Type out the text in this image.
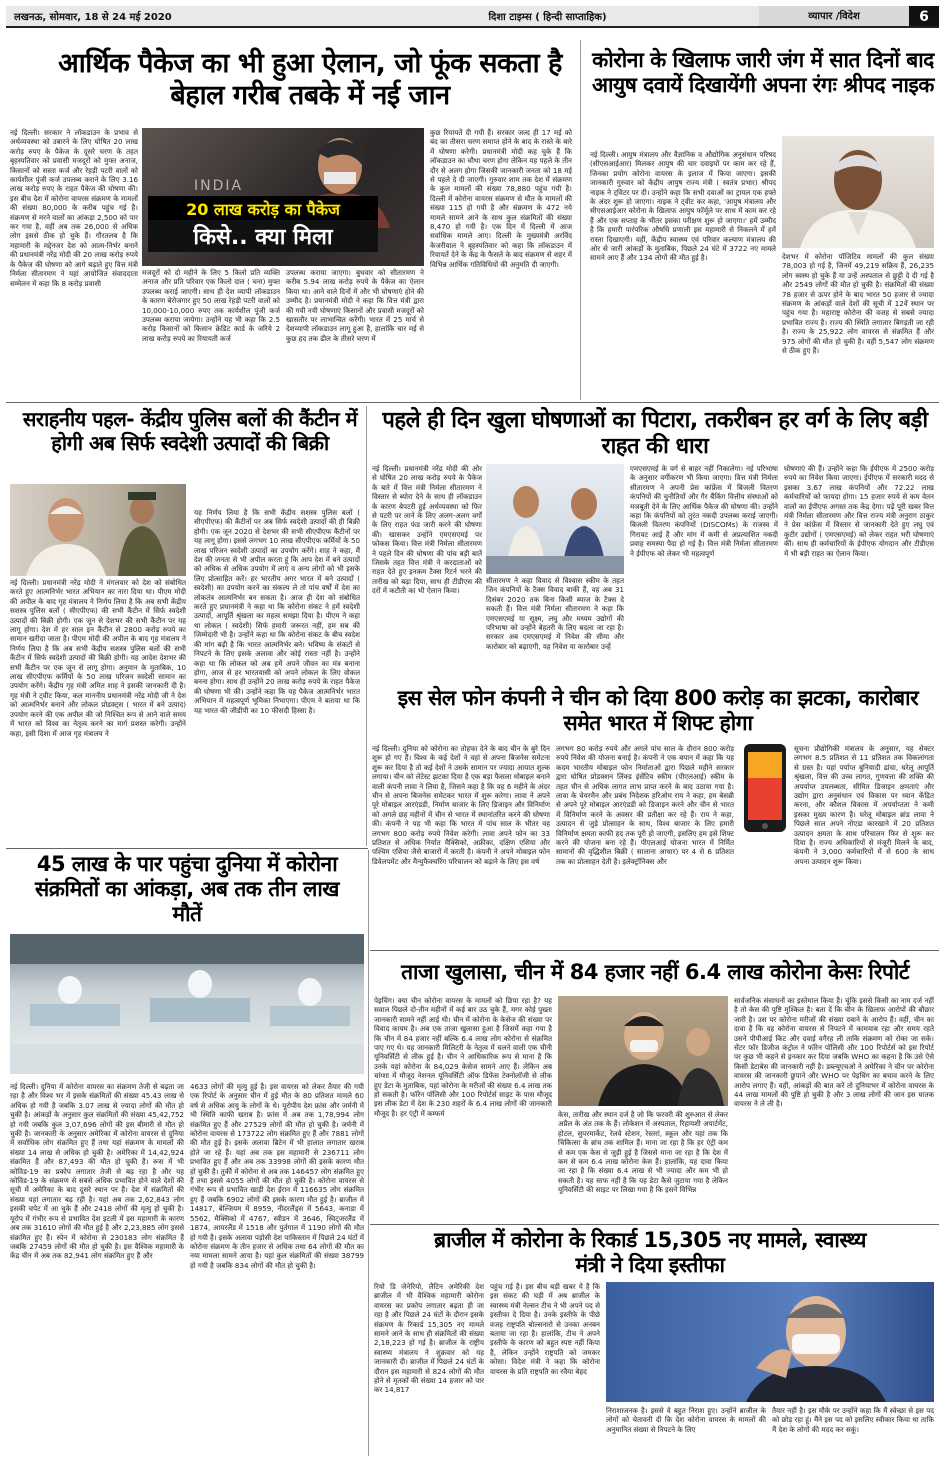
लखनऊ, सोमवार, 18 से 24 मई 2020	दिशा टाइम्स ( हिन्दी साप्ताहिक)	व्यापार /विदेश	6
आर्थिक पैकेज का भी हुआ ऐलान, जो फूंक सकता है बेहाल गरीब तबके में नई जान
INDIA
20 लाख करोड़ का पैकेज
किसे.. क्या मिला
नई दिल्ली। सरकार ने लॉकडाउन के प्रभाव से अर्थव्यवस्था को उबारने के लिए घोषित 20 लाख करोड़ रुपए के पैकेज के दूसरे चरण के तहत बृहस्पतिवार को प्रवासी मजदूरों को मुफ्त अनाज, किसानों को सस्ता कर्ज और रेहड़ी पटरी वालों को कार्यशील पूंजी कर्ज उपलब्ध कराने के लिए 3.16 लाख करोड़ रुपए के राहत पैकेज की घोषणा की। इस बीच देश में कोरोना वायरस संक्रमण के मामलों की संख्या 80,000 के करीब पहुंच गई है। संक्रमण से मरने वालों का आंकड़ा 2,500 को पार कर गया है, वहीं अब तक 26,000 से अधिक लोग इससे ठीक हो चुके हैं। गौरतलब है कि महामारी के मद्देनजर देश को आत्म-निर्भर बनाने की प्रधानमंत्री नरेंद्र मोदी की 20 लाख करोड़ रुपये के पैकेज की घोषणा को आगे बढ़ाते हुए वित्त मंत्री निर्मला सीतारमण ने यहां आयोजित संवाददाता सम्मेलन में कहा कि 8 करोड़ प्रवासी
मजदूरों को दो महीने के लिए 5 किलो प्रति व्यक्ति अनाज और प्रति परिवार एक किलो दाल ( चना) मुफ्त उपलब्ध कराई जाएगी। साथ ही देश व्यापी लॉकडाउन के कारण बेरोजगार हुए 50 लाख रेहड़ी पटरी वालों को 10,000-10,000 रुपए तक कार्यशील पूंजी कर्ज उपलब्ध कराया जायेगा। उन्होंने यह भी कहा कि 2.5 करोड़ किसानों को किसान क्रेडिट कार्ड के जरिये 2 लाख करोड़ रुपये का रियायती कर्ज
उपलब्ध कराया जाएगा। बुधवार को सीतारमण ने करीब 5.94 लाख करोड़ रुपये के पैकेज का ऐलान किया था। आने वाले दिनों में और भी घोषणाएं होने की उम्मीद है। प्रधानमंत्री मोदी ने कहा कि वित्त मंत्री द्वारा की गयी नयी घोषणाएं किसानों और प्रवासी मजदूरों को खासतौर पर लाभान्वित करेंगी। भारत में 25 मार्च से देशव्यापी लॉकडाउन लागू हुआ है, हालांकि चार मई से कुछ हद तक ढील के तीसरे चरण में
कुछ रियायतें दी गयी हैं। सरकार जल्द ही 17 मई को बंद का तीसरा चरण समाप्त होने के बाद के रास्ते के बारे में घोषणा करेगी। प्रधानमंत्री मोदी कह चुके हैं कि लॉकडाउन का चौथा चरण होगा लेकिन यह पहले के तीन दौर से अलग होगा जिसकी जानकारी जनता को 18 मई से पहले दे दी जाएगी। गुरुवार शाम तक देश में संक्रमण के कुल मामलों की संख्या 78,880 पहुंच गयी है। दिल्ली में कोरोना वायरस संक्रमण से मौत के मामलों की संख्या 115 हो गयी है और संक्रमण के 472 नये मामले सामने आने के साथ कुल संक्रमितों की संख्या 8,470 हो गयी है। एक दिन में दिल्ली में आज सर्वाधिक मामले आए। दिल्ली के मुख्यमंत्री अरविंद केजरीवाल ने बृहस्पतिवार को कहा कि लॉकडाउन में रियायतें देने के केंद्र के फैसले के बाद संक्रमण से शहर में विभिन्न आर्थिक गतिविधियों की अनुमति दी जाएगी।
कोरोना के खिलाफ जारी जंग में सात दिनों बाद आयुष दवायें दिखायेंगी अपना रंगः श्रीपद नाइक
नई दिल्ली। आयुष मंत्रालय और वैज्ञानिक व औद्योगिक अनुसंधान परिषद (सीएसआईआर) मिलकर आयुष की चार दवाइयों पर काम कर रहे हैं, जिनका प्रयोग कोरोना वायरस के इलाज में किया जाएगा। इसकी जानकारी गुरुवार को केंद्रीय आयुष राज्य मंत्री ( स्वतंत्र प्रभार) श्रीपद नाइक ने ट्विटर पर दी। उन्होंने कहा कि सभी दवाओं का ट्रायल एक हफ्ते के अंदर शुरू हो जाएगा। नाइक ने ट्वीट कर कहा, 'आयुष मंत्रालय और सीएसआईआर कोरोना के खिलाफ आयुष फॉर्मूले पर साथ में काम कर रहे हैं और एक सप्ताह के भीतर इसका परीक्षण शुरू हो जाएगा।' हमें उम्मीद है कि हमारी पारंपरिक औषधि प्रणाली इस महामारी से निकलने में हमें रास्ता दिखाएगी। वहीं, केंद्रीय स्वास्थ्य एवं परिवार कल्याण मंत्रालय की ओर से जारी आंकड़ों के मुताबिक, पिछले 24 घंटे में 3722 नए मामले सामने आए हैं और 134 लोगों की मौत हुई है।	देशभर में कोरोना पॉजिटिव मामलों की कुल संख्या 78,003 हो गई है, जिनमें 49,219 सक्रिय हैं, 26,235 लोग स्वस्थ हो चुके हैं या उन्हें अस्पताल से छुट्टी दे दी गई है और 2549 लोगों की मौत हो चुकी है। संक्रमितों की संख्या 78 हजार से ऊपर होने के बाद भारत 50 हजार से ज्यादा संक्रमण के आंकड़ों वाले देशों की सूची में 12वें स्थान पर पहुंच गया है। महाराष्ट्र कोरोना की वजह से सबसे ज्यादा प्रभावित राज्य है। राज्य की स्थिति लगातार बिगड़ती जा रही है। राज्य के 25,922 लोग वायरस से संक्रमित हैं और 975 लोगों की मौत हो चुकी है। वहीं 5,547 लोग संक्रमण से ठीक हुए हैं।
सराहनीय पहल- केंद्रीय पुलिस बलों की कैंटीन में होगी अब सिर्फ स्वदेशी उत्पादों की बिक्री
नई दिल्ली। प्रधानमंत्री नरेंद्र मोदी ने मंगलवार को देश को संबोधित करते हुए आत्मनिर्भर भारत अभियान का नारा दिया था। पीएम मोदी की अपील के बाद गृह मंत्रालय ने निर्णय लिया है कि अब सभी केंद्रीय सशस्त्र पुलिस बलों ( सीएपीएफ) की सभी कैंटीन में सिर्फ स्वदेशी उत्पादों की बिक्री होगी। एक जून से देशभर की सभी कैंटीन पर यह लागू होगा। देश में हर साल इन कैंटीन से 2800 करोड़ रुपये का सामान खरीदा जाता है। पीएम मोदी की अपील के बाद गृह मंत्रालय ने निर्णय लिया है कि अब सभी केंद्रीय सशस्त्र पुलिस बलों की सभी कैंटीन में सिर्फ स्वदेशी उत्पादों की बिक्री होगी। यह आदेश देशभर की सभी कैंटीन पर एक जून से लागू होगा। अनुमान के मुताबिक, 10 लाख सीएपीएफ कर्मियों के 50 लाख परिजन स्वदेशी सामान का उपयोग करेंगे। केंद्रीय गृह मंत्री अमित शाह ने इसकी जानकारी दी है। गृह मंत्री ने ट्वीट किया, कल माननीय प्रधानमंत्री नरेंद्र मोदी जी ने देश को आत्मनिर्भर बनाने और लोकल प्रोडक्ट्स ( भारत में बने उत्पाद) उपयोग करने की एक अपील की जो निश्चित रूप से आने वाले समय में भारत को विश्व का नेतृत्व करने का मार्ग प्रशस्त करेगी। उन्होंने कहा, इसी दिशा में आज गृह मंत्रालय ने
यह निर्णय लिया है कि सभी केंद्रीय सशस्त्र पुलिस बलों ( सीएपीएफ) की कैंटीनों पर अब सिर्फ स्वदेशी उत्पादों की ही बिक्री होगी। एक जून 2020 से देशभर की सभी सीएपीएफ कैंटीनों पर यह लागू होगा। इससे लगभग 10 लाख सीएपीएफ कर्मियों के 50 लाख परिजन स्वदेशी उत्पादों का उपयोग करेंगे। शाह ने कहा, मैं देश की जनता से भी अपील करता हूं कि आप देश में बने उत्पादों को अधिक से अधिक उपयोग में लाएं व अन्य लोगों को भी इसके लिए प्रोत्साहित करें। हर भारतीय अगर भारत में बने उत्पादों ( स्वदेशी) का उपयोग करने का संकल्प ले तो पांच वर्षों में देश का लोकतंत्र आत्मनिर्भर बन सकता है। आज ही देश को संबोधित करते हुए प्रधानमंत्री ने कहा था कि कोरोना संकट ने हमें स्वदेशी उत्पादों, आपूर्ति श्रृंखला का महत्व समझा दिया है। पीएम ने कहा था लोकल ( स्वदेशी) सिर्फ हमारी जरूरत नहीं, हम सब की जिम्मेदारी भी है। उन्होंने कहा था कि कोरोना संकट के बीच स्वदेश की मांग बढ़ी है कि भारत आत्मनिर्भर बने। भविष्य के संकटों से निपटने के लिए इसके अलावा और कोई रास्ता नहीं है। उन्होंने कहा था कि लोकल को अब हमें अपने जीवन का मंत्र बनाना होगा, आज से हर भारतवासी को अपने लोकल के लिए वोकल बनना होगा। साथ ही उन्होंने 20 लाख करोड़ रुपये के राहत पैकेज की घोषणा भी की। उन्होंने कहा कि यह पैकेज आत्मनिर्भर भारत अभियान में महत्वपूर्ण भूमिका निभाएगा। पीएम ने बताया था कि यह भारत की जीडीपी का 10 फीसदी हिस्सा है।
पहले ही दिन खुला घोषणाओं का पिटारा, तकरीबन हर वर्ग के लिए बड़ी राहत की धारा
नई दिल्ली। प्रधानमंत्री नरेंद्र मोदी की ओर से घोषित 20 लाख करोड़ रुपये के पैकेज के बारे में वित्त मंत्री निर्मला सीतारमण ने विस्तार से ब्योरा देने के साथ ही लॉकडाउन के कारण बेपटरी हुई अर्थव्यवस्था को फिर से पटरी पर लाने के लिए अलग-अलग वर्गों के लिए राहत फंड जारी करने की घोषणा की। खासकर उन्होंने एमएसएमई पर फोकस किया। वित्त मंत्री निर्मला सीतारमण ने पहले दिन की घोषणा की पांच बड़ी बातें जिसके तहत वित्त मंत्री ने करदाताओं को राहत देते हुए इनकम टैक्स रिटर्न भरने की तारीख को बढ़ा दिया, साथ ही टीडीएस की दरों में कटौती का भी ऐलान किया।
सीतारमण ने कहा विवाद से विश्वास स्कीम के तहत जिन कंपनियों के टैक्स विवाद बाकी हैं, वह अब 31 दिसंबर 2020 तक बिना किसी ब्याज के टैक्स दे सकती हैं। वित्त मंत्री निर्मला सीतारमण ने कहा कि एमएसएमई या सूक्ष्म, लघु और मध्यम उद्योगों की परिभाषा को उन्होंने बेहतरी के लिए बदला जा रहा है। सरकार अब एमएसएमई में निवेश की सीमा और कारोबार को बढ़ाएगी, यह निवेश या कारोबार उन्हें
एमएसएमई के वर्ग से बाहर नहीं निकालेगा। नई परिभाषा के अनुसार वर्गीकरण भी किया जाएगा। वित्त मंत्री निर्मला सीतारमण ने अपनी प्रेस कांफ्रेंस में बिजली वितरण कंपनियों की चुनौतियों और गैर बैंकिंग वित्तीय संस्थाओं को मजबूती देने के लिए आर्थिक पैकेज की घोषणा की। उन्होंने कहा कि कंपनियों को तुरंत नकदी उपलब्ध कराई जाएगी। बिजली वितरण कंपनियों (DISCOMs) के राजस्व में गिरावट आई है और मांग में कमी से अप्रत्याशित नकदी प्रवाह समस्या पैदा हो गई है। वित्त मंत्री निर्मला सीतारमण ने ईपीएफ को लेकर भी महत्वपूर्ण
घोषणाएं की हैं। उन्होंने कहा कि ईपीएफ में 2500 करोड़ रुपये का निवेश किया जाएगा। ईपीएफ में सरकारी मदद से इसका 3.67 लाख कंपनियों और 72.22 लाख कर्मचारियों को फायदा होगा। 15 हजार रुपये से कम वेतन वालों का ईपीएफ अगस्त तक केंद्र देगा। पढ़ें पूरी खबर वित्त मंत्री निर्मला सीतारमण और वित्त राज्य मंत्री अनुराग ठाकुर ने प्रेस कांफ्रेंस में विस्तार से जानकारी देते हुए लघु एवं कुटीर उद्योगों ( एमएसएमई) को लेकर राहत भरी घोषणाएं कीं। साथ ही कर्मचारियों के ईपीएफ योगदान और टीडीएस में भी बड़ी राहत का ऐलान किया।
इस सेल फोन कंपनी ने चीन को दिया 800 करोड़ का झटका, कारोबार समेत भारत में शिफ्ट होगा
नई दिल्ली। दुनिया को कोरोना का तोहफा देने के बाद चीन के बुरे दिन शुरू हो गए हैं। विश्व के कई देशों ने वहां से अपना बिजनेस समेटना शुरू कर दिया है तो कई देशों ने उसके सामान पर ज्यादा आयात शुल्क लगाया। चीन को लेटेस्ट झटका दिया है एक बड़ा फैसला मोबाइल बनाने वाली कंपनी लावा ने लिया है, जिसने कहा है कि वह 6 महीने के अंदर चीन से अपना बिजनेस समेटकर भारत में शुरू करेगा। लावा ने अपने पूरे मोबाइल आरएंडडी, निर्माण बाजार के लिए डिजाइन और विनिर्माण को अगले छह महीनों में चीन से भारत में स्थानांतरित करने की घोषणा की। कंपनी ने यह भी कहा कि भारत में पांच साल के भीतर वह लगभग 800 करोड़ रुपये निवेश करेगी। लावा अपने फोन का 33 प्रतिशत से अधिक निर्यात मैक्सिको, अफ्रीका, दक्षिण एशिया और पश्चिम एशिया जैसे बाजारों में करती है। कंपनी ने अपने मोबाइल फोन डिवेलपमेंट और मैन्युफैक्चरिंग परिचालन को बढ़ाने के लिए इस वर्ष
लगभग 80 करोड़ रुपये और अगले पांच साल के दौरान 800 करोड़ रुपये निवेश की योजना बनाई है। कंपनी ने एक बयान में कहा कि यह कदम भारतीय मोबाइल फोन निर्माताओं द्वारा पिछले महीने सरकार द्वारा घोषित प्रोडक्शन लिंक्ड इंसेंटिव स्कीम (पीएलआई) स्कीम के तहत चीन से अधिक लागत लाभ प्राप्त करने के बाद उठाया गया है। लावा के चेयरमैन और प्रबंध निदेशक हरिओम राय ने कहा, हम बेसब्री से अपने पूरे मोबाइल आरएंडडी को डिजाइन करने और चीन से भारत में विनिर्माण करने के अवसर की प्रतीक्षा कर रहे हैं। राय ने कहा, उत्पादन से जुड़े प्रोत्साहन के साथ, विश्व बाजार के लिए हमारी विनिर्माण क्षमता काफी हद तक पूरी हो जाएगी, इसलिए हम इसे शिफ्ट करने की योजना बना रहे हैं। पीएलआई योजना भारत में निर्मित सामानों की वृद्धिशील बिक्री ( सालाना आधार) पर 4 से 6 प्रतिशत तक का प्रोत्साहन देती है। इलेक्ट्रॉनिक्स और
सूचना प्रौद्योगिकी मंत्रालय के अनुसार, यह सेक्टर लगभग 8.5 प्रतिशत से 11 प्रतिशत तक विकलांगता से ग्रस्त है। यहां पर्याप्त बुनियादी ढांचा, घरेलू आपूर्ति श्रृंखला, वित्त की उच्च लागत, गुणवत्ता की शक्ति की अपर्याप्त उपलब्धता, सीमित डिजाइन क्षमताएं और उद्योग द्वारा अनुसंधान एवं विकास पर ध्यान केंद्रित करना, और कौशल विकास में अपर्याप्तता ने कमी इसका मुख्य कारण है। घरेलू मोबाइल ब्रांड लावा ने पिछले साल अपने नोएडा कारखाने में 20 प्रतिशत उत्पादन क्षमता के साथ परिचालन फिर से शुरू कर दिया है। राज्य अधिकारियों से मंजूरी मिलने के बाद, कंपनी ने 3,000 कर्मचारियों में से 600 के साथ अपना उत्पादन शुरू किया।
45 लाख के पार पहुंचा दुनिया में कोरोना संक्रमितों का आंकड़ा, अब तक तीन लाख मौतें
नई दिल्ली। दुनिया में कोरोना वायरस का संक्रमण तेजी से बढ़ता जा रहा है और विश्व भर में इसके संक्रमितों की संख्या 45.43 लाख से अधिक हो गयी है जबकि 3.07 लाख से ज्यादा लोगों की मौत हो चुकी है। आंकड़ों के अनुसार कुल संक्रमितों की संख्या 45,42,752 हो गयी जबकि कुल 3,07,696 लोगों की इस बीमारी से मौत हो चुकी है। जानकारी के अनुसार अमेरिका में कोरोना वायरस से दुनिया में सर्वाधिक लोग संक्रमित हुए हैं तथा यहां संक्रमण के मामलों की संख्या 14 लाख से अधिक हो चुकी है। अमेरिका में 14,42,924 संक्रमित हैं और 87,493 की मौत हो चुकी है। रूस में भी कोविड-19 का प्रकोप लगातार तेजी से बढ़ रहा है और यह कोविड-19 के संक्रमण से सबसे अधिक प्रभावित होने वाले देशों की सूची में अमेरिका के बाद दूसरे स्थान पर है। देश में संक्रमितों की संख्या यहां लगातार बढ़ रही है। यहां अब तक 2,62,843 लोग इसकी चपेट में आ चुके हैं और 2418 लोगों की मृत्यु हो चुकी है। यूरोप में गंभीर रूप से प्रभावित देश इटली में इस महामारी के कारण अब तक 31610 लोगों की मौत हुई है और 2,23,885 लोग इससे संक्रमित हुए हैं। स्पेन में कोरोना से 230183 लोग संक्रमित हैं जबकि 27459 लोगों की मौत हो चुकी है। इस वैश्विक महामारी के केंद्र चीन में अब तक 82,941 लोग संक्रमित हुए हैं और
4633 लोगों की मृत्यु हुई है। इस वायरस को लेकर तैयार की गयी एक रिपोर्ट के अनुसार चीन में हुई मौत के 80 प्रतिशत मामले 60 वर्ष से अधिक आयु के लोगों के थे। यूरोपीय देश फ्रांस और जर्मनी में भी स्थिति काफी खराब है। फ्रांस में अब तक 1,78,994 लोग संक्रमित हुए हैं और 27529 लोगों की मौत हो चुकी है। जर्मनी में कोरोना वायरस से 173722 लोग संक्रमित हुए हैं और 7881 लोगों की मौत हुई है। इसके अलावा ब्रिटेन में भी हालात लगातार खराब होते जा रहे हैं। यहां अब तक इस महामारी से 236711 लोग प्रभावित हुए हैं और अब तक 33998 लोगों की इसके कारण मौत हो चुकी है। तुर्की में कोरोना से अब तक 146457 लोग संक्रमित हुए हैं तथा इससे 4055 लोगों की मौत हो चुकी है। कोरोना वायरस से गंभीर रूप से प्रभावित खाड़ी देश ईरान में 116635 लोग संक्रमित हुए हैं जबकि 6902 लोगों की इसके कारण मौत हुई है। ब्राजील में 14817, बेल्जियम में 8959, नीदरलैंड्स में 5643, कनाडा में 5562, मैक्सिको में 4767, स्वीडन में 3646, स्विट्जरलैंड में 1874, आयरलैंड में 1518 और पुर्तगाल में 1190 लोगों की मौत हो गयी है। इसके अलावा पड़ोसी देश पाकिस्तान में पिछले 24 घंटों में कोरोना संक्रमण के तीन हजार से अधिक तथा 64 लोगों की मौत का नया मामला सामने आया है। यहां कुल संक्रमितों की संख्या 38799 हो गयी है जबकि 834 लोगों की मौत हो चुकी है।
ताजा खुलासा, चीन में 84 हजार नहीं 6.4 लाख कोरोना केसः रिपोर्ट
पेइचिंग। क्या चीन कोरोना वायरस के मामलों को छिपा रहा है? यह सवाल पिछले दो-तीन महीनों में कई बार उठ चुके हैं, मगर कोई पुख्ता जानकारी सामने नहीं आई थी। चीन में कोरोना के केसेज की संख्या पर विवाद कायम है। अब एक ताजा खुलासा हुआ है जिसमें कहा गया है कि चीन में 84 हजार नहीं बल्कि 6.4 लाख लोग कोरोना से संक्रमित पाए गए थे। यह जानकारी मिलिटरी के नेतृत्व में चलने वाली एक चीनी यूनिवर्सिटी से लीक हुई है। चीन ने आधिकारिक रूप से माना है कि उनके यहां कोरोना के 84,029 केसेज सामने आए हैं। लेकिन अब चांग्शा में मौजूद नेशनल यूनिवर्सिटी ऑफ डिफेंस टेक्नोलॉजी से लीक हुए डेटा के मुताबिक, यहां कोरोना के मरीजों की संख्या 6.4 लाख तक हो सकती है। फॉरेन पॉलिसी और 100 रिपोर्टर्स साइट के पास मौजूद इस लीक डेटा में देश के 230 शहरों के 6.4 लाख लोगों की जानकारी मौजूद है। हर एंट्री में कम्फर्म	केस, तारीख और स्थान दर्ज है जो कि फरवरी की शुरुआत से लेकर अप्रैल के अंत तक के हैं। लोकेशन में अस्पताल, रिहायशी अपार्टमेंट, होटल, सुपरमार्केट, रेलवे स्टेशन, रेस्तरां, स्कूल और यहां तक कि चिकित्सा के ब्रांच तक शामिल हैं। माना जा रहा है कि हर एंट्री कम से कम एक केस से जुड़ी हुई है जिससे माना जा रहा है कि देश में कम से कम 6.4 लाख कोरोना केस हैं। हालांकि, यह दावा किया जा रहा है कि संख्या 6.4 लाख से भी ज्यादा और कम भी हो सकती है। यह साफ नहीं है कि यह डेटा कैसे जुटाया गया है लेकिन यूनिवर्सिटी की साइट पर लिखा गया है कि इसने विभिन्न
सार्वजनिक संसाधनों का इस्तेमाल किया है। चूंकि इससे किसी का नाम दर्ज नहीं है तो केस की पुष्टि मुश्किल है। बता दें कि चीन के खिलाफ आरोपों की बौछार जारी है। उस पर कोरोना मरीजों की संख्या दबाने के आरोप हैं। वहीं, चीन का दावा है कि वह कोरोना वायरस से निपटने में कामयाब रहा और समय रहते उसने पीपीआई किट और दवाई वगैरह ली ताकि संक्रमण को रोका जा सके। सेंटर फॉर डिजीज कंट्रोल ने फॉरेन पॉलिसी और 100 रिपोर्टर्स को इस रिपोर्ट पर कुछ भी कहने से इनकार कर दिया जबकि WHO का कहना है कि उसे ऐसे किसी डेटाबेस की जानकारी नहीं है। डब्ल्यूएचओ ने अमेरिका ने चीन पर कोरोना वायरस की जानकारी छुपाने और WHO पर पेइचिंग का बचाव करने के लिए आरोप लगाए हैं। वहीं, आंकड़ों की बात करें तो दुनियाभर में कोरोना वायरस के 44 लाख मामलों की पुष्टि हो चुकी है और 3 लाख लोगों की जान इस घातक वायरस ने ले ली है।
ब्राजील में कोरोना के रिकार्ड 15,305 नए मामले, स्वास्थ्य मंत्री ने दिया इस्तीफा
रियो डि जेनेरियो, लैटिन अमेरिकी देश ब्राजील में भी वैश्विक महामारी कोरोना वायरस का प्रकोप लगातार बढ़ता ही जा रहा है और पिछले 24 घंटों के दौरान इसके संक्रमण के रिकार्ड 15,305 नए मामले सामने आने के साथ ही संक्रमितों की संख्या 2,18,223 हो गई है। ब्राजील के राष्ट्रीय स्वास्थ्य मंत्रालय ने शुक्रवार को यह जानकारी दी। ब्राजील में पिछले 24 घंटों के दौरान इस महामारी से 824 लोगों की मौत होने से मृतकों की संख्या 14 हजार को पार कर 14,817
पहुंच गई है। इस बीच बड़ी खबर ये है कि इस संकट की घड़ी में अब ब्राजील के स्वास्थ्य मंत्री नेल्सन टीच ने भी अपने पद से इस्तीफा दे दिया है। उनके इस्तीफे के पीछे वजह राष्ट्रपति बोल्सनारो से उनका अनबन बताया जा रहा है। हालांकि, टीच ने अपने इस्तीफे के कारण को बहुत स्पष्ट नहीं किया है, लेकिन उन्होंने राष्ट्रपति को जमकर कोसा। विदेश मंत्री ने कहा कि कोरोना वायरस के प्रति राष्ट्रपति का रवैया बेहद
निराशाजनक है। इससे वे बहुत निराश हुए। उन्होंने ब्राजील के लोगों को चेतावनी दी कि देश कोरोना वायरस के मामलों की अनुमानित संख्या से निपटने के लिए
तैयार नहीं है। इस मौके पर उन्होंने कहा कि मैं स्वेच्छा से इस पद को छोड़ रहा हूं। मैंने इस पद को इसलिए स्वीकार किया था ताकि मैं देश के लोगों की मदद कर सकूं।
